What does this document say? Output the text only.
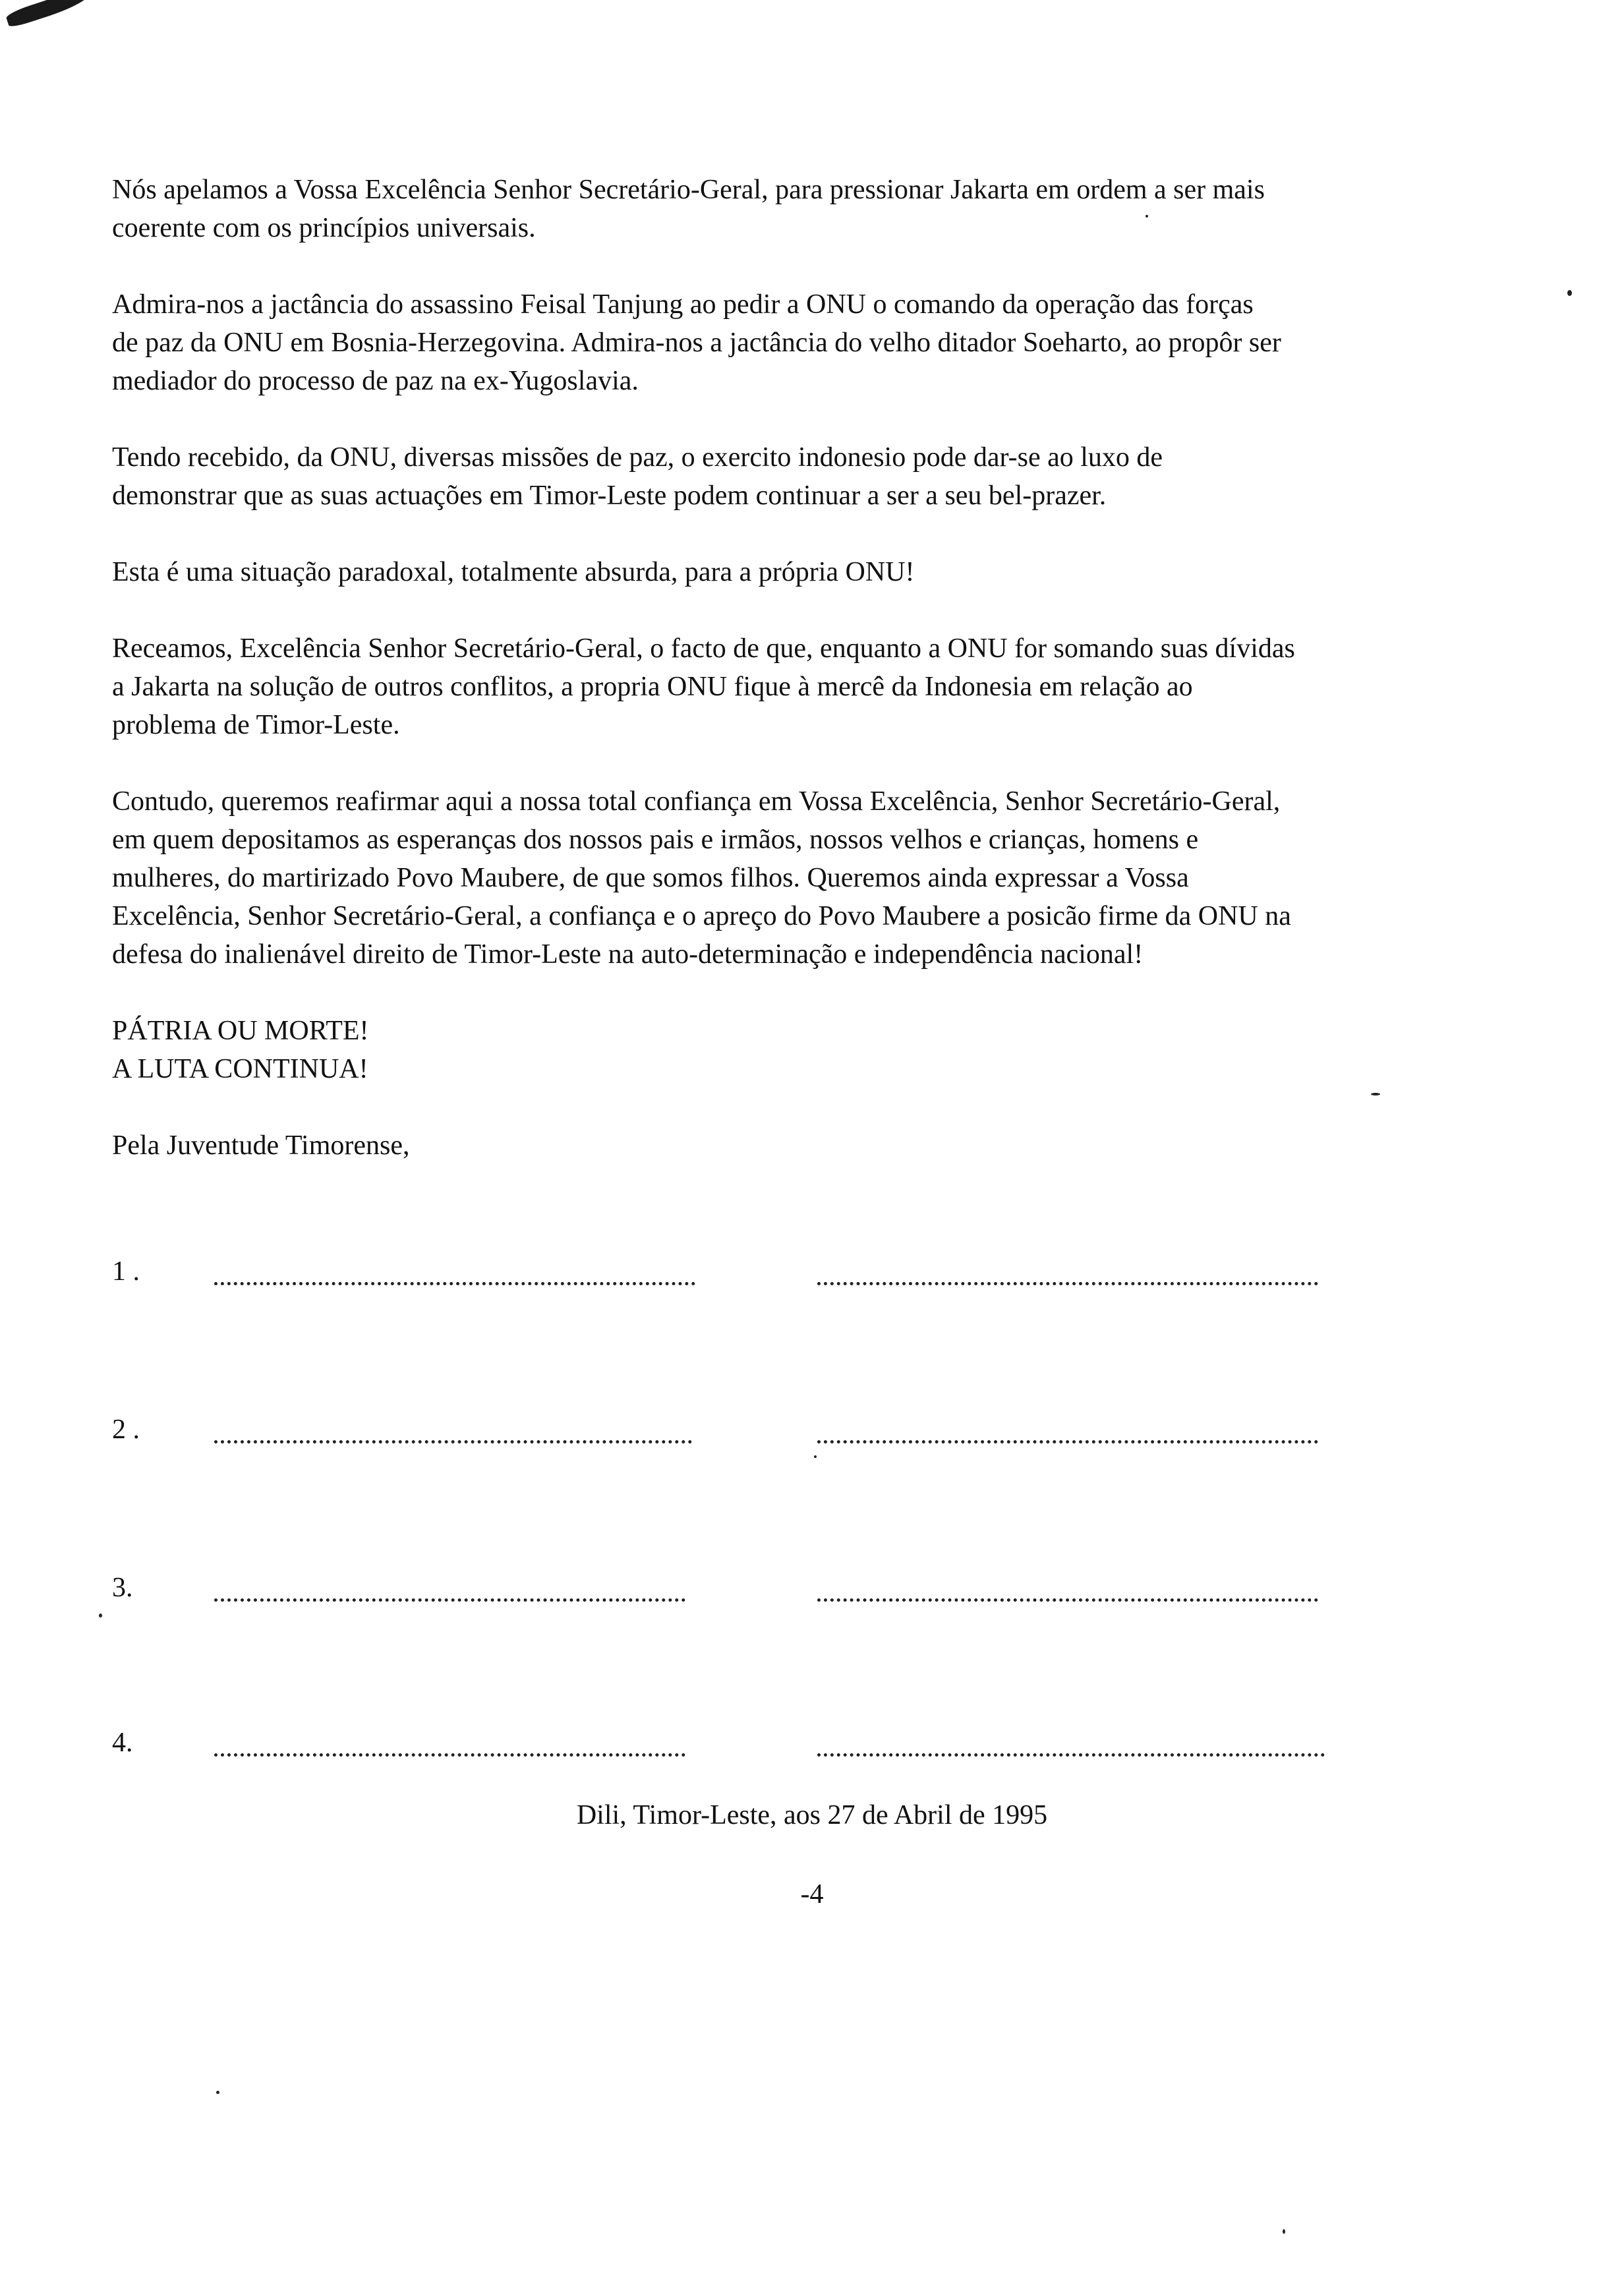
Nós apelamos a Vossa Excelência Senhor Secretário-Geral, para pressionar Jakarta em ordem a ser mais
coerente com os princípios universais.
Admira-nos a jactância do assassino Feisal Tanjung ao pedir a ONU o comando da operação das forças
de paz da ONU em Bosnia-Herzegovina. Admira-nos a jactância do velho ditador Soeharto, ao propôr ser
mediador do processo de paz na ex-Yugoslavia.
Tendo recebido, da ONU, diversas missões de paz, o exercito indonesio pode dar-se ao luxo de
demonstrar que as suas actuações em Timor-Leste podem continuar a ser a seu bel-prazer.
Esta é uma situação paradoxal, totalmente absurda, para a própria ONU!
Receamos, Excelência Senhor Secretário-Geral, o facto de que, enquanto a ONU for somando suas dívidas
a Jakarta na solução de outros conflitos, a propria ONU fique à mercê da Indonesia em relação ao
problema de Timor-Leste.
Contudo, queremos reafirmar aqui a nossa total confiança em Vossa Excelência, Senhor Secretário-Geral,
em quem depositamos as esperanças dos nossos pais e irmãos, nossos velhos e crianças, homens e
mulheres, do martirizado Povo Maubere, de que somos filhos. Queremos ainda expressar a Vossa
Excelência, Senhor Secretário-Geral, a confiança e o apreço do Povo Maubere a posicão firme da ONU na
defesa do inalienável direito de Timor-Leste na auto-determinação e independência nacional!
PÁTRIA OU MORTE!
A LUTA CONTINUA!
Pela Juventude Timorense,
1 .
2 .
3.
4.
Dili, Timor-Leste, aos 27 de Abril de 1995
-4
